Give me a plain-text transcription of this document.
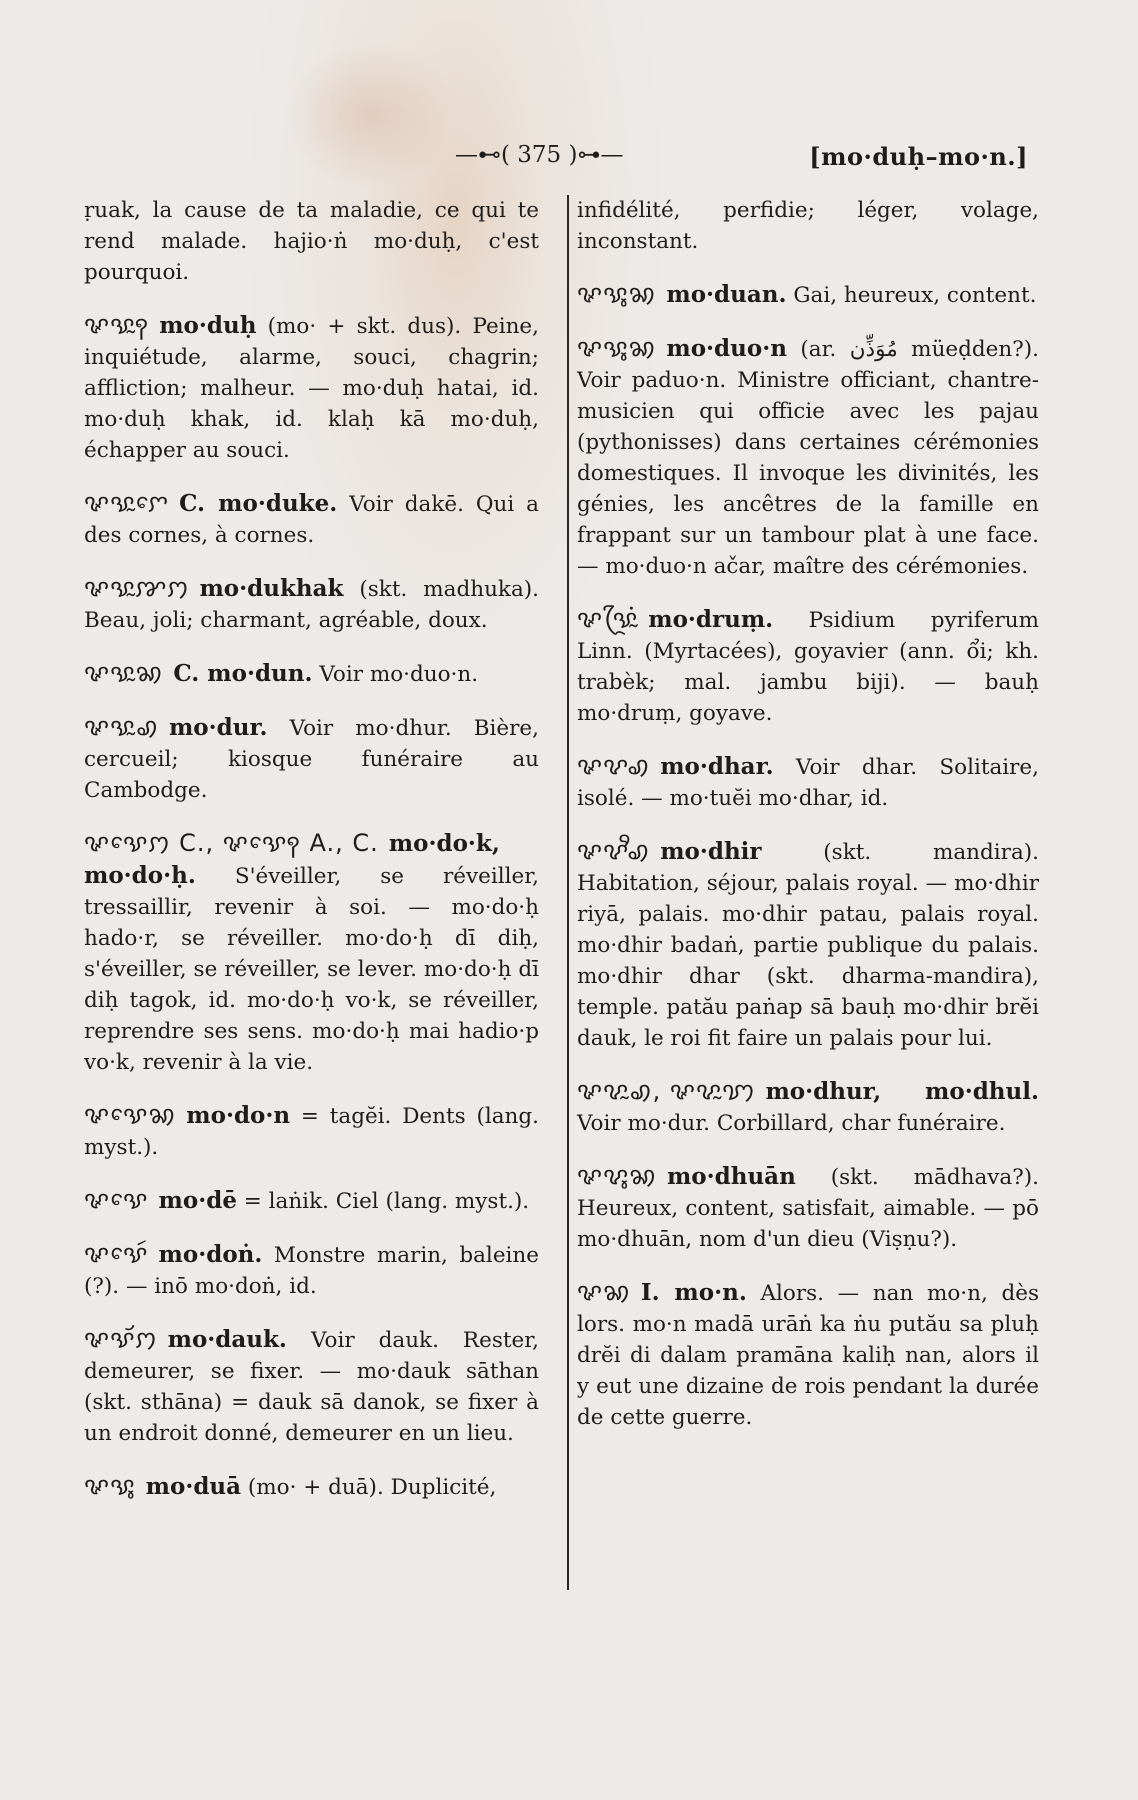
—⊷( 375 )⊶—	[mo·duḥ–mo·n.]

ṛuak, la cause de ta maladie, ce qui te rend malade. hajio·ṅ mo·duḥ, c'est pourquoi.

ꨟꨕꨭꩍ mo·duḥ (mo· + skt. dus). Peine, inquiétude, alarme, souci, chagrin; affliction; malheur. — mo·duḥ hatai, id. mo·duḥ khak, id. klaḥ kā mo·duḥ, échapper au souci.

ꨟꨕꨭꨆꨯ C. mo·duke. Voir dakē. Qui a des cornes, à cornes.

ꨟꨕꨭꨇꩀ mo·dukhak (skt. madhuka). Beau, joli; charmant, agréable, doux.

ꨟꨕꨭꩆ C. mo·dun. Voir mo·duo·n.

ꨟꨕꨭꩉ mo·dur. Voir mo·dhur. Bière, cercueil; kiosque funéraire au Cambodge.

ꨟꨕꨯꩀ C., ꨟꨕꨯꩍ A., C. mo·do·k, mo·do·ḥ. S'éveiller, se réveiller, tressaillir, revenir à soi. — mo·do·ḥ hado·r, se réveiller. mo·do·ḥ dī diḥ, s'éveiller, se réveiller, se lever. mo·do·ḥ dī diḥ tagok, id. mo·do·ḥ vo·k, se réveiller, reprendre ses sens. mo·do·ḥ mai hadio·p vo·k, revenir à la vie.

ꨟꨕꨯꩆ mo·do·n = tagĕi. Dents (lang. myst.).

ꨟꨕꨯ mo·dē = laṅik. Ciel (lang. myst.).

ꨟꨕꨯꩃ mo·doṅ. Monstre marin, baleine (?). — inō mo·doṅ, id.

ꨟꨕꨮꩀ mo·dauk. Voir dauk. Rester, demeurer, se fixer. — mo·dauk sāthan (skt. sthāna) = dauk sā danok, se fixer à un endroit donné, demeurer en un lieu.

ꨟꨕꨶ mo·duā (mo· + duā). Duplicité,

infidélité, perfidie; léger, volage, inconstant.

ꨟꨕꨶꩆ mo·duan. Gai, heureux, content.

ꨟꨕꨶꩆ mo·duo·n (ar. مُوَذِّن müeḍden?). Voir paduo·n. Ministre officiant, chantre-musicien qui officie avec les pajau (pythonisses) dans certaines cérémonies domestiques. Il invoque les divinités, les génies, les ancêtres de la famille en frappant sur un tambour plat à une face. — mo·duo·n ačar, maître des cérémonies.

ꨟꨕꨴꨭꩌ mo·druṃ. Psidium pyriferum Linn. (Myrtacées), goyavier (ann. ổi; kh. trabèk; mal. jambu biji). — bauḥ mo·druṃ, goyave.

ꨟꨖꩉ mo·dhar. Voir dhar. Solitaire, isolé. — mo·tuĕi mo·dhar, id.

ꨟꨖꨪꩉ mo·dhir	(skt. mandira). Habitation, séjour, palais royal. — mo·dhir riyā, palais. mo·dhir patau, palais royal. mo·dhir badaṅ, partie publique du palais. mo·dhir dhar (skt. dharma-mandira), temple. patău paṅap sā bauḥ mo·dhir brĕi dauk, le roi fit faire un palais pour lui.

ꨟꨖꨭꩉ, ꨟꨖꨭꩈ mo·dhur, mo·dhul. Voir mo·dur. Corbillard, char funéraire.

ꨟꨖꨶꩆ mo·dhuān (skt. mādhava?). Heureux, content, satisfait, aimable. — pō mo·dhuān, nom d'un dieu (Viṣṇu?).

ꨟꩆ I. mo·n. Alors. — nan mo·n, dès lors. mo·n madā urāṅ ka ṅu putău sa pluḥ drĕi di dalam pramāna kaliḥ nan, alors il y eut une dizaine de rois pendant la durée de cette guerre.
